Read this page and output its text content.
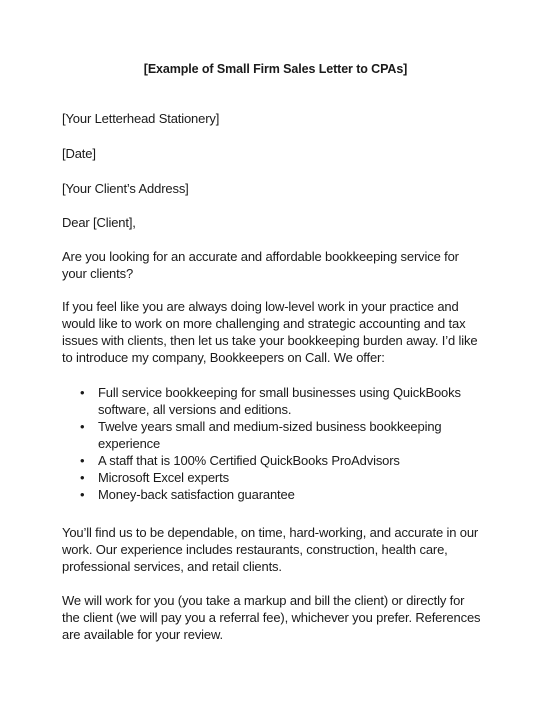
[Example of Small Firm Sales Letter to CPAs]
[Your Letterhead Stationery]
[Date]
[Your Client’s Address]
Dear [Client],
Are you looking for an accurate and affordable bookkeeping service for
your clients?
If you feel like you are always doing low-level work in your practice and
would like to work on more challenging and strategic accounting and tax
issues with clients, then let us take your bookkeeping burden away. I’d like
to introduce my company, Bookkeepers on Call. We offer:
• Full service bookkeeping for small businesses using QuickBooks
software, all versions and editions.
• Twelve years small and medium-sized business bookkeeping
experience
• A staff that is 100% Certified QuickBooks ProAdvisors
• Microsoft Excel experts
• Money-back satisfaction guarantee
You’ll find us to be dependable, on time, hard-working, and accurate in our
work. Our experience includes restaurants, construction, health care,
professional services, and retail clients.
We will work for you (you take a markup and bill the client) or directly for
the client (we will pay you a referral fee), whichever you prefer. References
are available for your review.
